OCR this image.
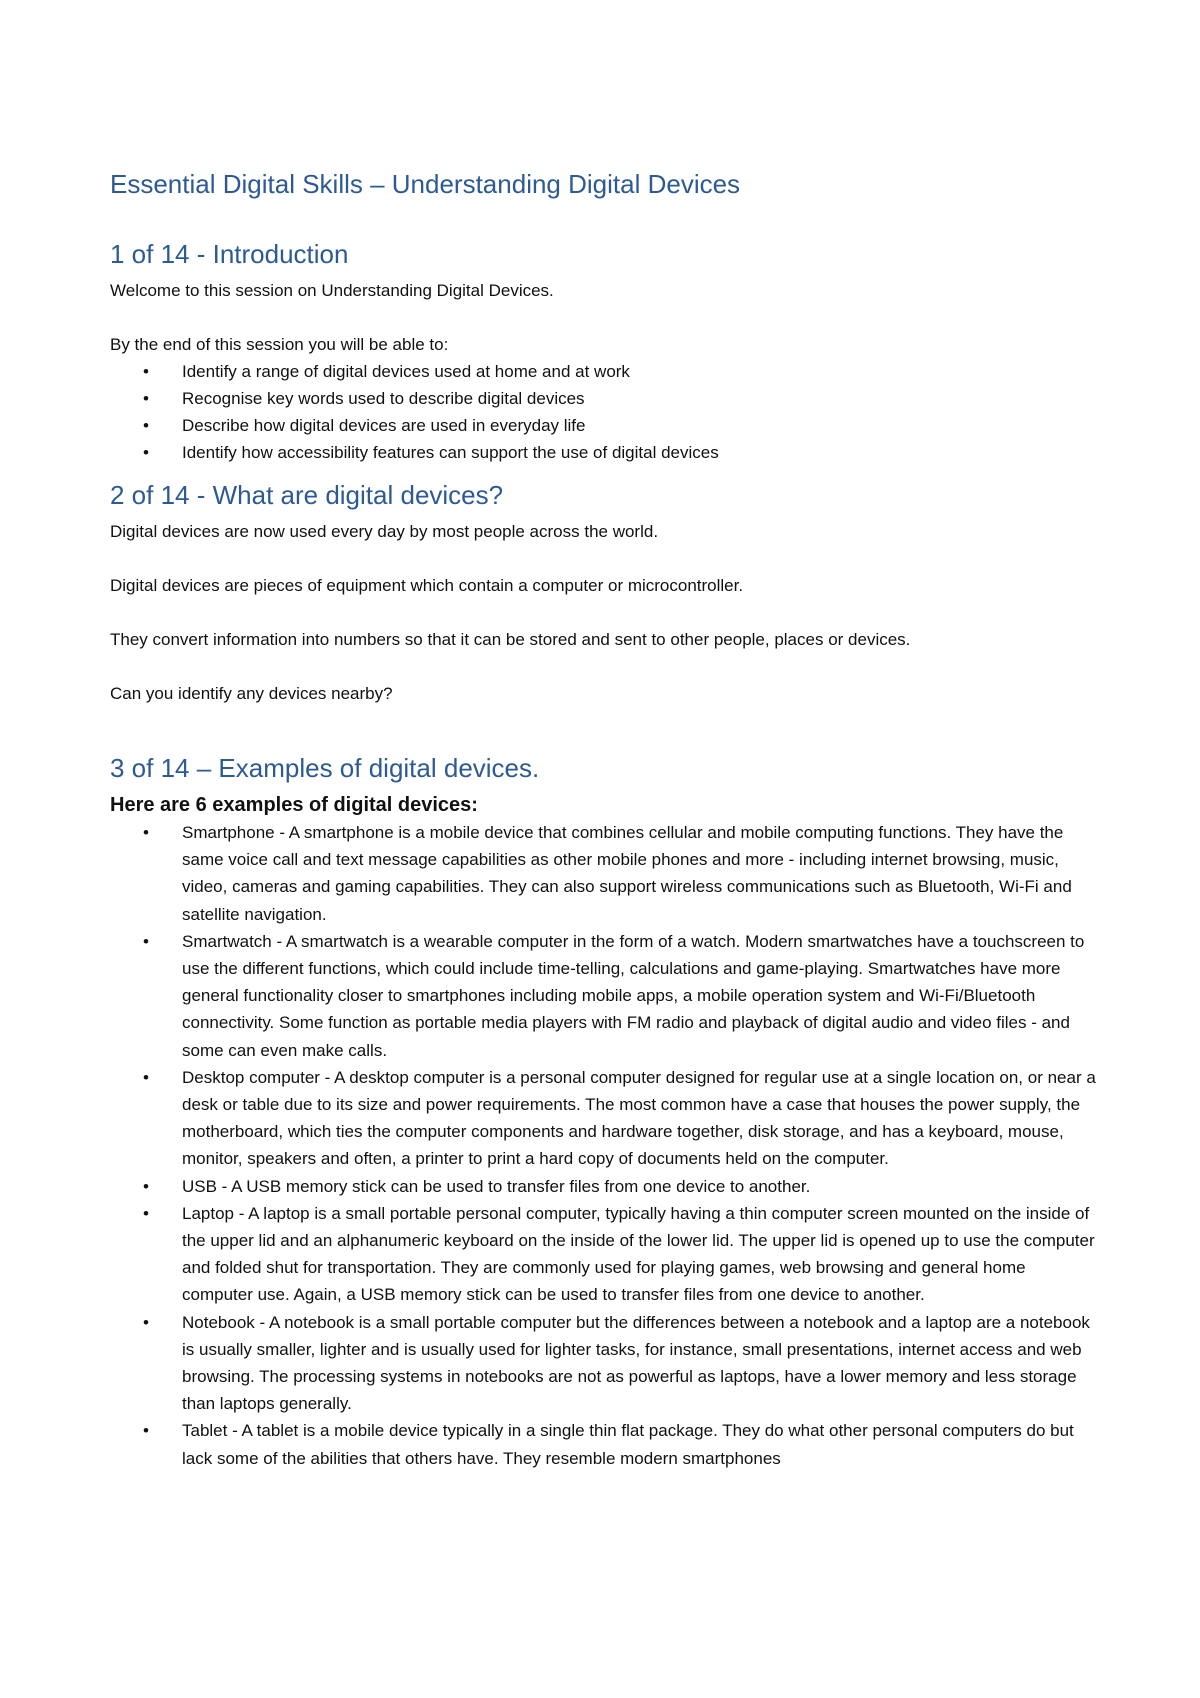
Essential Digital Skills – Understanding Digital Devices
1 of 14 - Introduction

Welcome to this session on Understanding Digital Devices.

By the end of this session you will be able to:

• Identify a range of digital devices used at home and at work
• Recognise key words used to describe digital devices
• Describe how digital devices are used in everyday life
• Identify how accessibility features can support the use of digital devices
2 of 14 - What are digital devices?

Digital devices are now used every day by most people across the world.

Digital devices are pieces of equipment which contain a computer or microcontroller.

They convert information into numbers so that it can be stored and sent to other people, places or devices.

Can you identify any devices nearby?

3 of 14 – Examples of digital devices.

Here are 6 examples of digital devices:

• Smartphone - A smartphone is a mobile device that combines cellular and mobile computing functions. They have the same voice call and text message capabilities as other mobile phones and more - including internet browsing, music, video, cameras and gaming capabilities. They can also support wireless communications such as Bluetooth, Wi-Fi and satellite navigation.
• Smartwatch - A smartwatch is a wearable computer in the form of a watch. Modern smartwatches have a touchscreen to use the different functions, which could include time-telling, calculations and game-playing. Smartwatches have more general functionality closer to smartphones including mobile apps, a mobile operation system and Wi-Fi/Bluetooth connectivity. Some function as portable media players with FM radio and playback of digital audio and video files - and some can even make calls.
• Desktop computer - A desktop computer is a personal computer designed for regular use at a single location on, or near a desk or table due to its size and power requirements. The most common have a case that houses the power supply, the motherboard, which ties the computer components and hardware together, disk storage, and has a keyboard, mouse, monitor, speakers and often, a printer to print a hard copy of documents held on the computer.
• USB - A USB memory stick can be used to transfer files from one device to another.
• Laptop - A laptop is a small portable personal computer, typically having a thin computer screen mounted on the inside of the upper lid and an alphanumeric keyboard on the inside of the lower lid. The upper lid is opened up to use the computer and folded shut for transportation. They are commonly used for playing games, web browsing and general home computer use. Again, a USB memory stick can be used to transfer files from one device to another.
• Notebook - A notebook is a small portable computer but the differences between a notebook and a laptop are a notebook is usually smaller, lighter and is usually used for lighter tasks, for instance, small presentations, internet access and web browsing. The processing systems in notebooks are not as powerful as laptops, have a lower memory and less storage than laptops generally.
• Tablet - A tablet is a mobile device typically in a single thin flat package. They do what other personal computers do but lack some of the abilities that others have. They resemble modern smartphones
